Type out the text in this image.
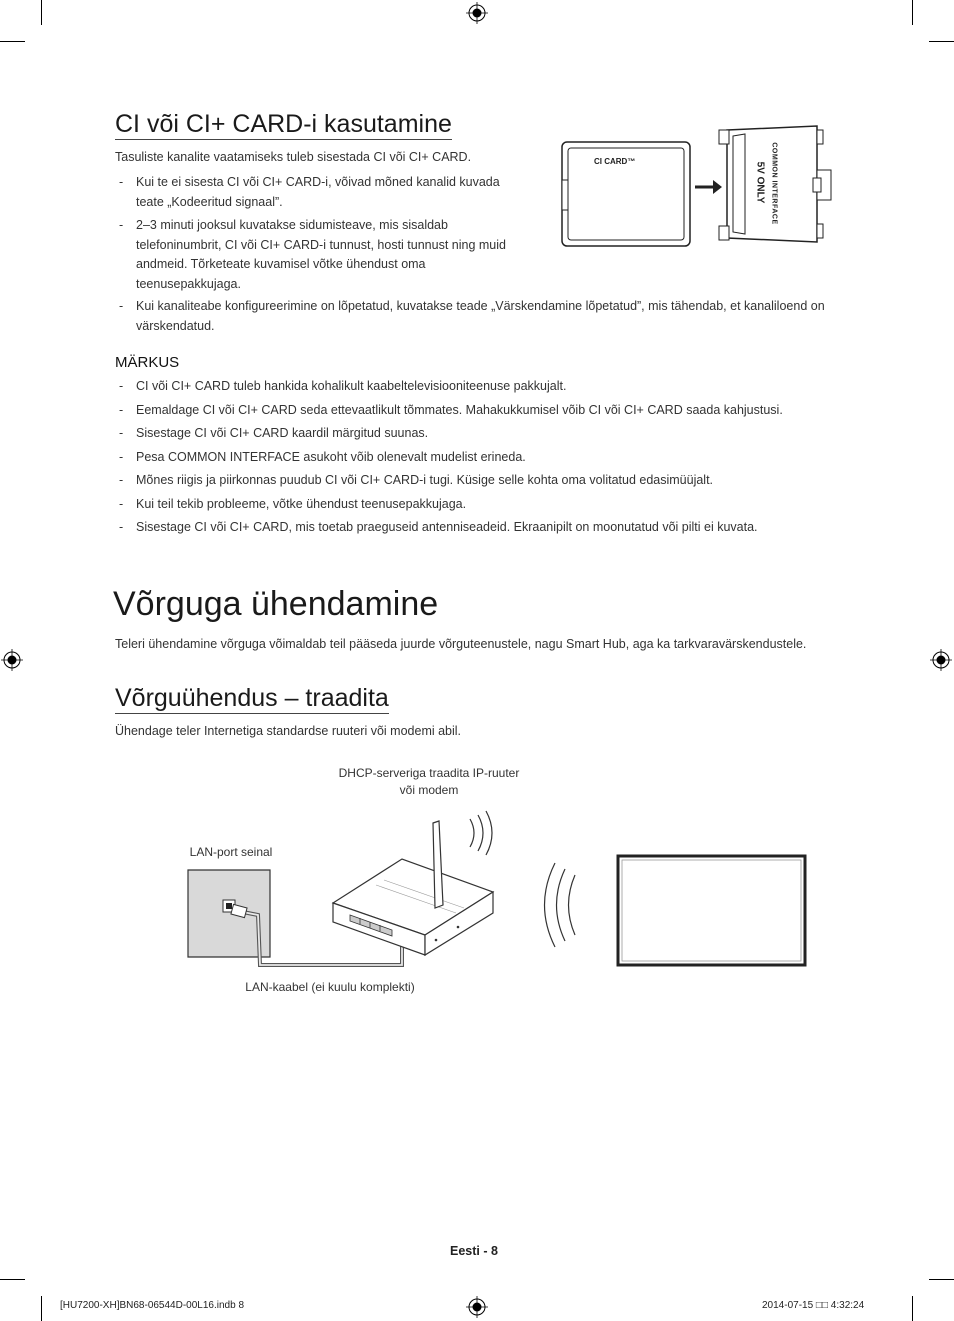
CI või CI+ CARD-i kasutamine
Tasuliste kanalite vaatamiseks tuleb sisestada CI või CI+ CARD.
- Kui te ei sisesta CI või CI+ CARD-i, võivad mõned kanalid kuvada teate „Kodeeritud signaal”.
- 2–3 minuti jooksul kuvatakse sidumisteave, mis sisaldab telefoninumbrit, CI või CI+ CARD-i tunnust, hosti tunnust ning muid andmeid. Tõrketeate kuvamisel võtke ühendust oma teenusepakkujaga.
- Kui kanaliteabe konfigureerimine on lõpetatud, kuvatakse teade „Värskendamine lõpetatud”, mis tähendab, et kanaliloend on värskendatud.
CI CARD™	COMMON INTERFACE
5V ONLY
MÄRKUS
- CI või CI+ CARD tuleb hankida kohalikult kaabeltelevisiooniteenuse pakkujalt.
- Eemaldage CI või CI+ CARD seda ettevaatlikult tõmmates. Mahakukkumisel võib CI või CI+ CARD saada kahjustusi.
- Sisestage CI või CI+ CARD kaardil märgitud suunas.
- Pesa COMMON INTERFACE asukoht võib olenevalt mudelist erineda.
- Mõnes riigis ja piirkonnas puudub CI või CI+ CARD-i tugi. Küsige selle kohta oma volitatud edasimüüjalt.
- Kui teil tekib probleeme, võtke ühendust teenusepakkujaga.
- Sisestage CI või CI+ CARD, mis toetab praeguseid antenniseadeid. Ekraanipilt on moonutatud või pilti ei kuvata.
Võrguga ühendamine
Teleri ühendamine võrguga võimaldab teil pääseda juurde võrguteenustele, nagu Smart Hub, aga ka tarkvaravärskendustele.
Võrguühendus – traadita
Ühendage teler Internetiga standardse ruuteri või modemi abil.
DHCP-serveriga traadita IP-ruuter
või modem
LAN-port seinal
LAN-kaabel (ei kuulu komplekti)
Eesti - 8
[HU7200-XH]BN68-06544D-00L16.indb 8	2014-07-15 □□ 4:32:24
